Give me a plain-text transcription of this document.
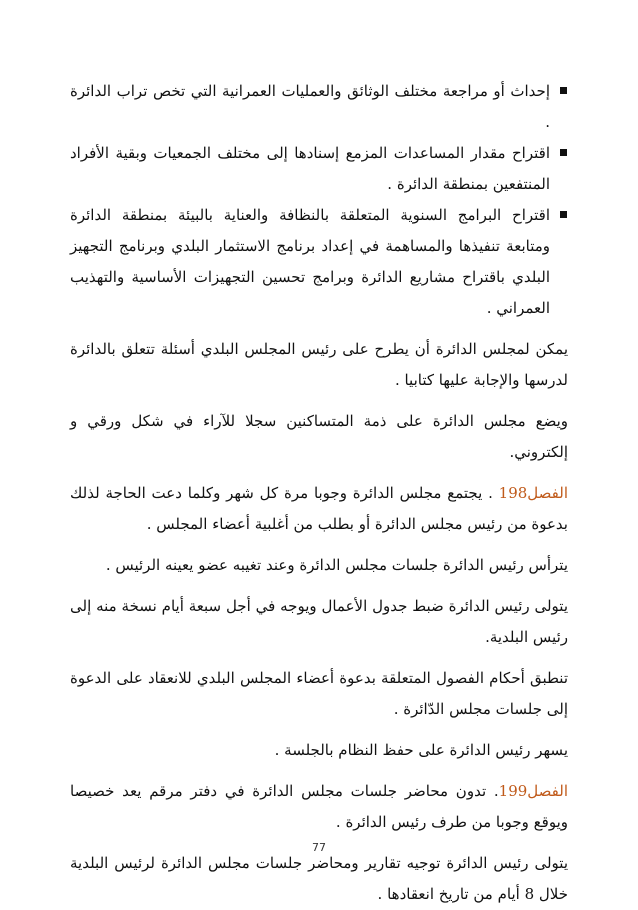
إحداث أو مراجعة مختلف الوثائق والعمليات العمرانية التي تخص تراب الدائرة .
اقتراح مقدار المساعدات المزمع إسنادها إلى مختلف الجمعيات وبقية الأفراد المنتفعين بمنطقة الدائرة .
اقتراح البرامج السنوية المتعلقة بالنظافة والعناية بالبيئة بمنطقة الدائرة ومتابعة تنفيذها والمساهمة في إعداد برنامج الاستثمار البلدي وبرنامج التجهيز البلدي باقتراح مشاريع الدائرة وبرامج تحسين التجهيزات الأساسية والتهذيب العمراني .

يمكن لمجلس الدائرة أن يطرح على رئيس المجلس البلدي أسئلة تتعلق بالدائرة لدرسها والإجابة عليها كتابيا .

ويضع مجلس الدائرة على ذمة المتساكنين سجلا للآراء في شكل ورقي و إلكتروني.

الفصل198 . يجتمع مجلس الدائرة وجوبا مرة كل شهر وكلما دعت الحاجة لذلك بدعوة من رئيس مجلس الدائرة أو بطلب من أغلبية أعضاء المجلس .

يترأس رئيس الدائرة جلسات مجلس الدائرة وعند تغيبه عضو يعينه الرئيس .

يتولى رئيس الدائرة ضبط جدول الأعمال ويوجه في أجل سبعة أيام نسخة منه إلى رئيس البلدية.

تنطبق أحكام الفصول المتعلقة بدعوة أعضاء المجلس البلدي للانعقاد على الدعوة إلى جلسات مجلس الدّائرة .

يسهر رئيس الدائرة على حفظ النظام بالجلسة .

الفصل199. تدون محاضر جلسات مجلس الدائرة في دفتر مرقم يعد خصيصا ويوقع وجوبا من طرف رئيس الدائرة .

يتولى رئيس الدائرة توجيه تقارير ومحاضر جلسات مجلس الدائرة لرئيس البلدية خلال 8 أيام من تاريخ انعقادها .

77
